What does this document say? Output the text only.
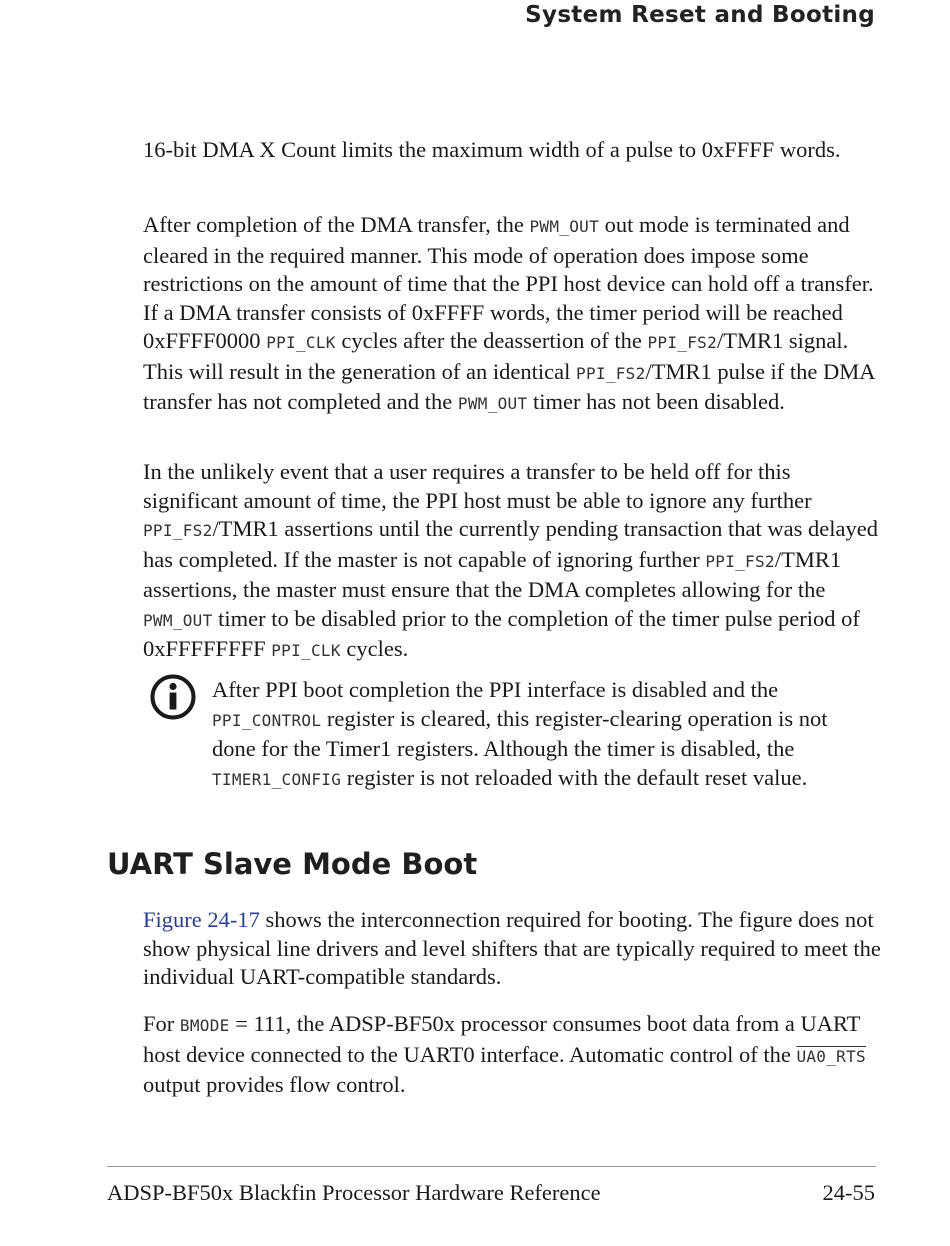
System Reset and Booting

16-bit DMA X Count limits the maximum width of a pulse to 0xFFFF words.

After completion of the DMA transfer, the PWM_OUT out mode is terminated and cleared in the required manner. This mode of operation does impose some restrictions on the amount of time that the PPI host device can hold off a transfer. If a DMA transfer consists of 0xFFFF words, the timer period will be reached 0xFFFF0000 PPI_CLK cycles after the deassertion of the PPI_FS2/TMR1 signal. This will result in the generation of an identical PPI_FS2/TMR1 pulse if the DMA transfer has not completed and the PWM_OUT timer has not been disabled.

In the unlikely event that a user requires a transfer to be held off for this significant amount of time, the PPI host must be able to ignore any further PPI_FS2/TMR1 assertions until the currently pending transaction that was delayed has completed. If the master is not capable of ignoring further PPI_FS2/TMR1 assertions, the master must ensure that the DMA completes allowing for the PWM_OUT timer to be disabled prior to the completion of the timer pulse period of 0xFFFFFFFF PPI_CLK cycles.

After PPI boot completion the PPI interface is disabled and the PPI_CONTROL register is cleared, this register-clearing operation is not done for the Timer1 registers. Although the timer is disabled, the TIMER1_CONFIG register is not reloaded with the default reset value.

UART Slave Mode Boot

Figure 24-17 shows the interconnection required for booting. The figure does not show physical line drivers and level shifters that are typically required to meet the individual UART-compatible standards.

For BMODE = 111, the ADSP-BF50x processor consumes boot data from a UART host device connected to the UART0 interface. Automatic control of the UA0_RTS output provides flow control.

ADSP-BF50x Blackfin Processor Hardware Reference	24-55
